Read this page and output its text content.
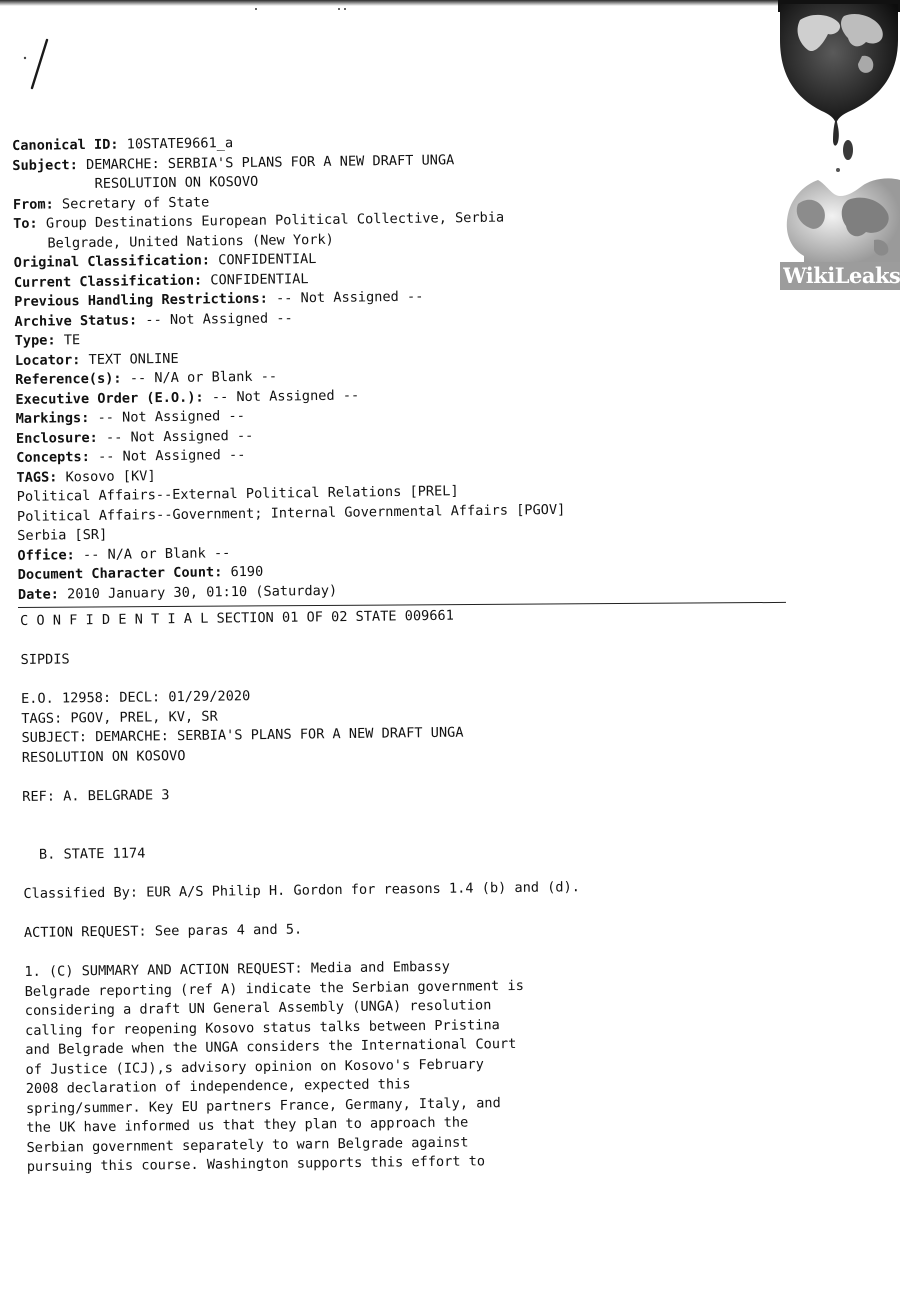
WikiLeaks
Canonical ID: 10STATE9661_a
Subject: DEMARCHE: SERBIA'S PLANS FOR A NEW DRAFT UNGA
RESOLUTION ON KOSOVO
From: Secretary of State
To: Group Destinations European Political Collective, Serbia
Belgrade, United Nations (New York)
Original Classification: CONFIDENTIAL
Current Classification: CONFIDENTIAL
Previous Handling Restrictions: -- Not Assigned --
Archive Status: -- Not Assigned --
Type: TE
Locator: TEXT ONLINE
Reference(s): -- N/A or Blank --
Executive Order (E.O.): -- Not Assigned --
Markings: -- Not Assigned --
Enclosure: -- Not Assigned --
Concepts: -- Not Assigned --
TAGS: Kosovo [KV]
Political Affairs--External Political Relations [PREL]
Political Affairs--Government; Internal Governmental Affairs [PGOV]
Serbia [SR]
Office: -- N/A or Blank --
Document Character Count: 6190
Date: 2010 January 30, 01:10 (Saturday)
C O N F I D E N T I A L SECTION 01 OF 02 STATE 009661
SIPDIS
E.O. 12958: DECL: 01/29/2020
TAGS: PGOV, PREL, KV, SR
SUBJECT: DEMARCHE: SERBIA'S PLANS FOR A NEW DRAFT UNGA
RESOLUTION ON KOSOVO
REF: A. BELGRADE 3
B. STATE 1174
Classified By: EUR A/S Philip H. Gordon for reasons 1.4 (b) and (d).
ACTION REQUEST: See paras 4 and 5.
1. (C) SUMMARY AND ACTION REQUEST: Media and Embassy
Belgrade reporting (ref A) indicate the Serbian government is
considering a draft UN General Assembly (UNGA) resolution
calling for reopening Kosovo status talks between Pristina
and Belgrade when the UNGA considers the International Court
of Justice (ICJ),s advisory opinion on Kosovo's February
2008 declaration of independence, expected this
spring/summer. Key EU partners France, Germany, Italy, and
the UK have informed us that they plan to approach the
Serbian government separately to warn Belgrade against
pursuing this course. Washington supports this effort to
